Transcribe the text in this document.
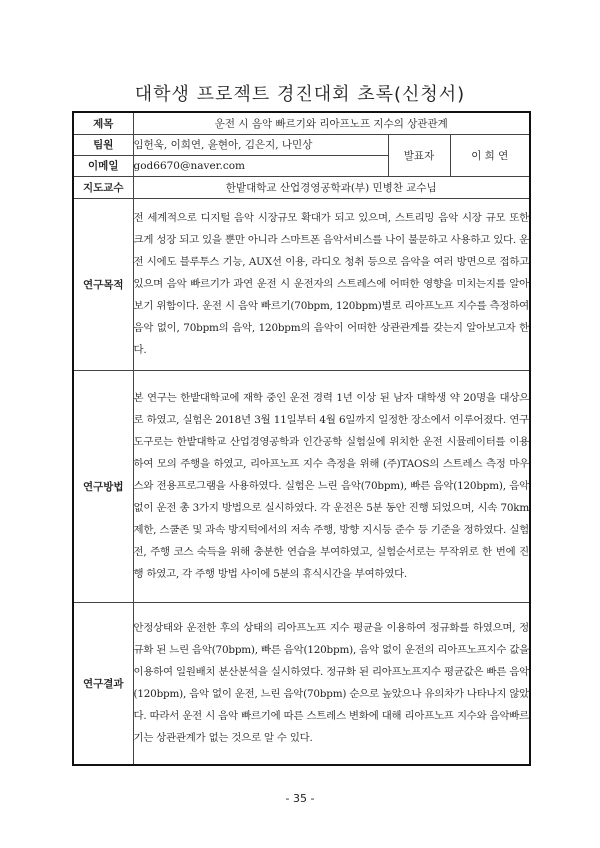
대학생 프로젝트 경진대회 초록(신청서)
제목	운전 시 음악 빠르기와 리아프노프 지수의 상관관계		
팀원	임헌욱, 이희연, 윤현아, 김은지, 나민상	발표자	이 희 연
이메일	god6670@naver.com		
지도교수	한밭대학교 산업경영공학과(부) 민병찬 교수님		
연구목적	전 세계적으로 디지털 음악 시장규모 확대가 되고 있으며, 스트리밍 음악 시장 규모 또한 크게 성장 되고 있을 뿐만 아니라 스마트폰 음악서비스를 나이 불문하고 사용하고 있다. 운전 시에도 블루투스 기능, AUX선 이용, 라디오 청취 등으로 음악을 여러 방면으로 접하고 있으며 음악 빠르기가 과연 운전 시 운전자의 스트레스에 어떠한 영향을 미치는지를 알아보기 위함이다. 운전 시 음악 빠르기(70bpm, 120bpm)별로 리아프노프 지수를 측정하여 음악 없이, 70bpm의 음악, 120bpm의 음악이 어떠한 상관관계를 갖는지 알아보고자 한다.		

연구방법	본 연구는 한밭대학교에 재학 중인 운전 경력 1년 이상 된 남자 대학생 약 20명을 대상으로 하였고, 실험은 2018년 3월 11일부터 4월 6일까지 일정한 장소에서 이루어졌다. 연구 도구로는 한밭대학교 산업경영공학과 인간공학 실험실에 위치한 운전 시뮬레이터를 이용하여 모의 주행을 하였고, 리아프노프 지수 측정을 위해 (주)TAOS의 스트레스 측정 마우스와 전용프로그램을 사용하였다. 실험은 느린 음악(70bpm), 빠른 음악(120bpm), 음악 없이 운전 총 3가지 방법으로 실시하였다. 각 운전은 5분 동안 진행 되었으며, 시속 70km제한, 스쿨존 및 과속 방지턱에서의 저속 주행, 방향 지시등 준수 등 기준을 정하였다. 실험 전, 주행 코스 숙득을 위해 충분한 연습을 부여하였고, 실험순서로는 무작위로 한 번에 진행 하였고, 각 주행 방법 사이에 5분의 휴식시간을 부여하였다.		

연구결과	안정상태와 운전한 후의 상태의 리아프노프 지수 평균을 이용하여 정규화를 하였으며, 정규화 된 느린 음악(70bpm), 빠른 음악(120bpm), 음악 없이 운전의 리아프노프지수 값을 이용하여 일원배치 분산분석을 실시하였다. 정규화 된 리아프노프지수 평균값은 빠른 음악(120bpm), 음악 없이 운전, 느린 음악(70bpm) 순으로 높았으나 유의차가 나타나지 않았다. 따라서 운전 시 음악 빠르기에 따른 스트레스 변화에 대해 리아프노프 지수와 음악빠르기는 상관관계가 없는 것으로 알 수 있다.		

- 35 -
